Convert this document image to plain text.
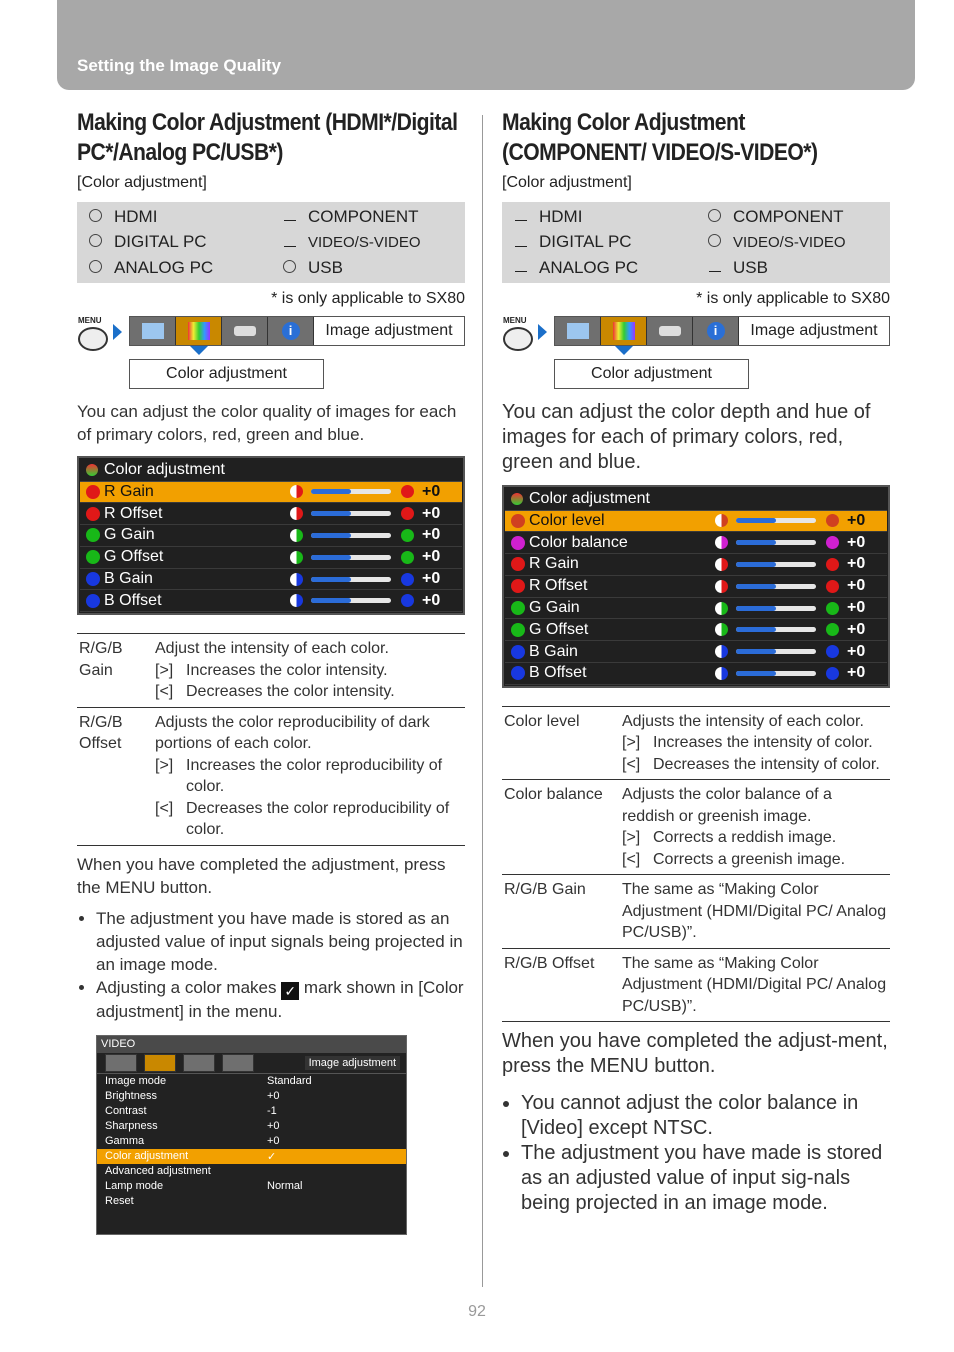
Setting the Image Quality
Making Color Adjustment (HDMI*/Digital PC*/Analog PC/USB*)
[Color adjustment]
HDMI	COMPONENT
DIGITAL PC	VIDEO/S-VIDEO
ANALOG PC	USB
* is only applicable to SX80
MENU
i	Image adjustment
Color adjustment
You can adjust the color quality of images for each of primary colors, red, green and blue.
Color adjustment
R Gain	+0
R Offset	+0
G Gain	+0
G Offset	+0
B Gain	+0
B Offset	+0
R/G/B Gain	Adjust the intensity of each color.
[>] Increases the color intensity.
[<] Decreases the color intensity.

R/G/B Offset	Adjusts the color reproducibility of dark portions of each color.
[>] Increases the color reproducibility of color.
[<] Decreases the color reproducibility of color.
When you have completed the adjustment, press the MENU button.
• The adjustment you have made is stored as an adjusted value of input signals being projected in an image mode.
• Adjusting a color makes ✓ mark shown in [Color adjustment] in the menu.
VIDEO
Image adjustment
Image mode	Standard
Brightness	+0
Contrast	-1
Sharpness	+0
Gamma	+0
Color adjustment	✓
Advanced adjustment
Lamp mode	Normal
Reset
Making Color Adjustment (COMPONENT/ VIDEO/S-VIDEO*)
[Color adjustment]
HDMI	COMPONENT
DIGITAL PC	VIDEO/S-VIDEO
ANALOG PC	USB
* is only applicable to SX80
MENU
i	Image adjustment
Color adjustment
You can adjust the color depth and hue of images for each of primary colors, red, green and blue.
Color adjustment
Color level	+0
Color balance	+0
R Gain	+0
R Offset	+0
G Gain	+0
G Offset	+0
B Gain	+0
B Offset	+0
Color level	Adjusts the intensity of each color.
[>] Increases the intensity of color.
[<] Decreases the intensity of color.

Color balance	Adjusts the color balance of a reddish or greenish image.
[>] Corrects a reddish image.
[<] Corrects a greenish image.

R/G/B Gain	The same as “Making Color Adjustment (HDMI/Digital PC/ Analog PC/USB)”.

R/G/B Offset	The same as “Making Color Adjustment (HDMI/Digital PC/ Analog PC/USB)”.
When you have completed the adjust-ment, press the MENU button.
• You cannot adjust the color balance in [Video] except NTSC.
• The adjustment you have made is stored as an adjusted value of input sig-nals being projected in an image mode.
92
